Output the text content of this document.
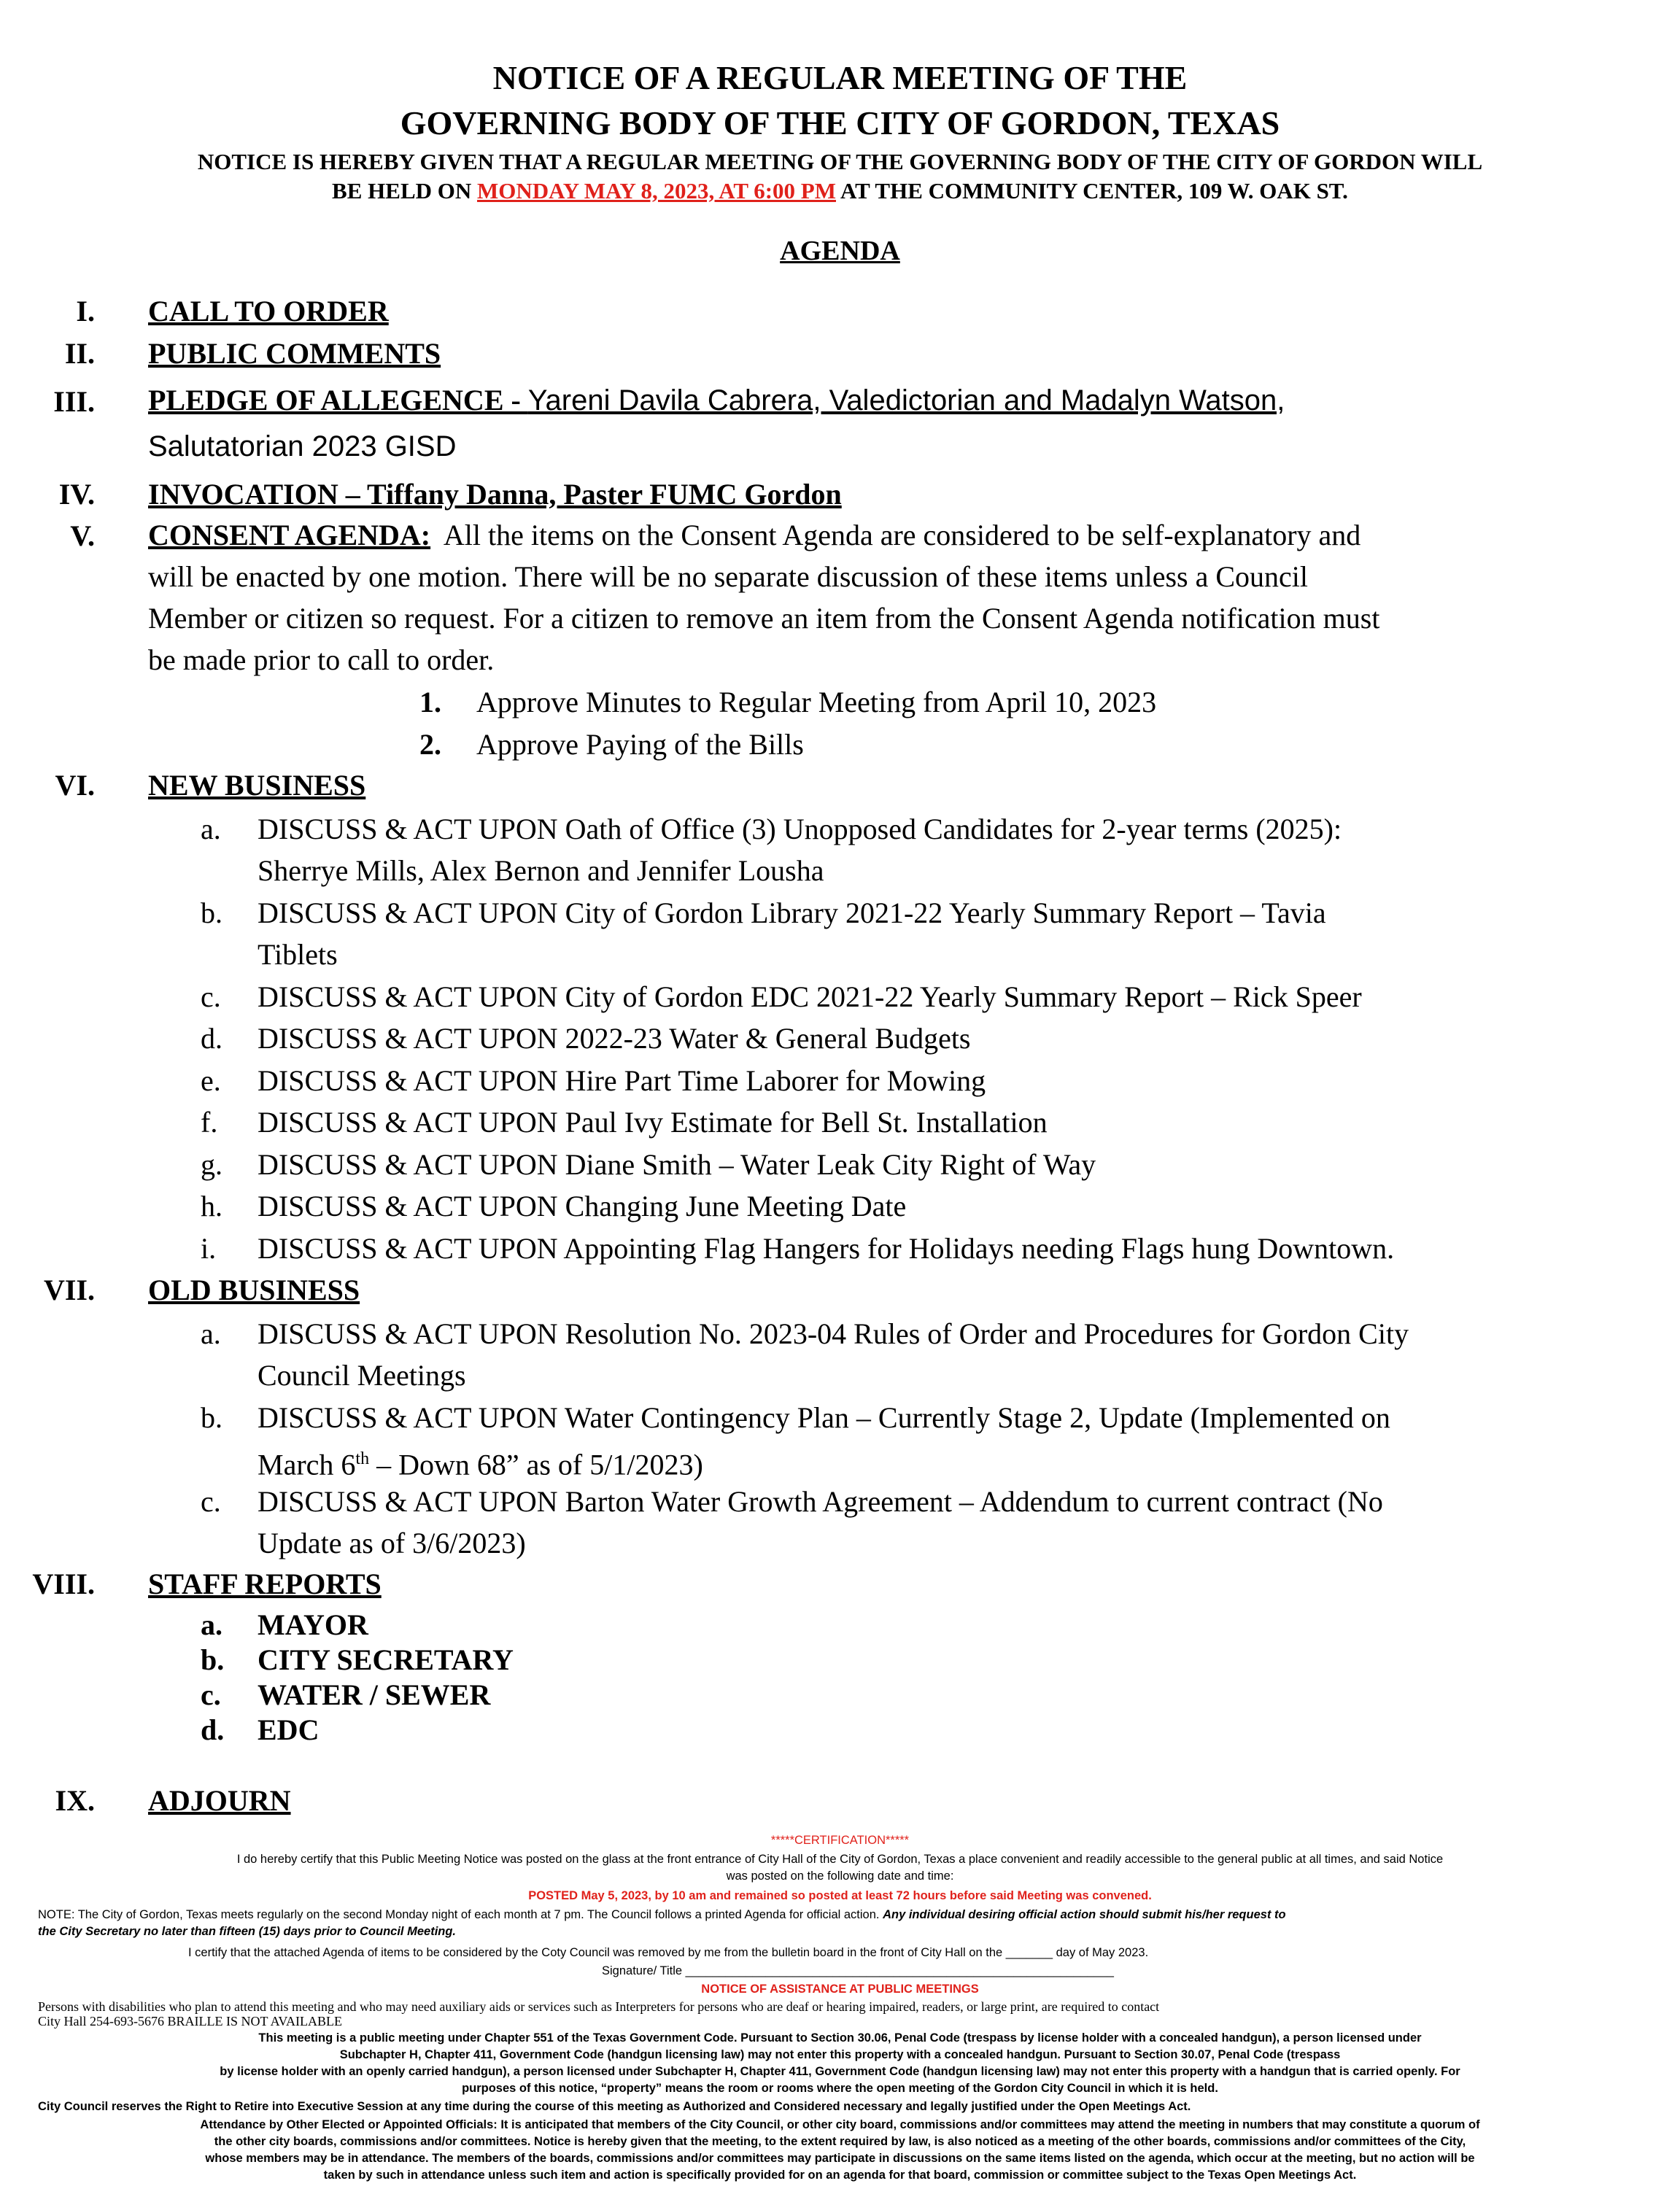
NOTICE OF A REGULAR MEETING OF THE
GOVERNING BODY OF THE CITY OF GORDON, TEXAS
NOTICE IS HEREBY GIVEN THAT A REGULAR MEETING OF THE GOVERNING BODY OF THE CITY OF GORDON WILL
BE HELD ON MONDAY MAY 8, 2023, AT 6:00 PM AT THE COMMUNITY CENTER, 109 W. OAK ST.
AGENDA
I. CALL TO ORDER
II. PUBLIC COMMENTS
III. PLEDGE OF ALLEGENCE - Yareni Davila Cabrera, Valedictorian and Madalyn Watson,
Salutatorian 2023 GISD
IV. INVOCATION – Tiffany Danna, Paster FUMC Gordon
V. CONSENT AGENDA:  All the items on the Consent Agenda are considered to be self-explanatory and
will be enacted by one motion. There will be no separate discussion of these items unless a Council
Member or citizen so request. For a citizen to remove an item from the Consent Agenda notification must
be made prior to call to order.
1. Approve Minutes to Regular Meeting from April 10, 2023
2. Approve Paying of the Bills
VI. NEW BUSINESS
a. DISCUSS & ACT UPON Oath of Office (3) Unopposed Candidates for 2-year terms (2025):
Sherrye Mills, Alex Bernon and Jennifer Lousha
b. DISCUSS & ACT UPON City of Gordon Library 2021-22 Yearly Summary Report – Tavia
Tiblets
c. DISCUSS & ACT UPON City of Gordon EDC 2021-22 Yearly Summary Report – Rick Speer
d. DISCUSS & ACT UPON 2022-23 Water & General Budgets
e. DISCUSS & ACT UPON Hire Part Time Laborer for Mowing
f. DISCUSS & ACT UPON Paul Ivy Estimate for Bell St. Installation
g. DISCUSS & ACT UPON Diane Smith – Water Leak City Right of Way
h. DISCUSS & ACT UPON Changing June Meeting Date
i. DISCUSS & ACT UPON Appointing Flag Hangers for Holidays needing Flags hung Downtown.
VII. OLD BUSINESS
a. DISCUSS & ACT UPON Resolution No. 2023-04 Rules of Order and Procedures for Gordon City
Council Meetings
b. DISCUSS & ACT UPON Water Contingency Plan – Currently Stage 2, Update (Implemented on
March 6th – Down 68” as of 5/1/2023)
c. DISCUSS & ACT UPON Barton Water Growth Agreement – Addendum to current contract (No
Update as of 3/6/2023)
VIII. STAFF REPORTS
a. MAYOR
b. CITY SECRETARY
c. WATER / SEWER
d. EDC
IX. ADJOURN
*****CERTIFICATION*****
I do hereby certify that this Public Meeting Notice was posted on the glass at the front entrance of City Hall of the City of Gordon, Texas a place convenient and readily accessible to the general public at all times, and said Notice
was posted on the following date and time:
POSTED May 5, 2023, by 10 am and remained so posted at least 72 hours before said Meeting was convened.
NOTE: The City of Gordon, Texas meets regularly on the second Monday night of each month at 7 pm. The Council follows a printed Agenda for official action. Any individual desiring official action should submit his/her request to
the City Secretary no later than fifteen (15) days prior to Council Meeting.
I certify that the attached Agenda of items to be considered by the Coty Council was removed by me from the bulletin board in the front of City Hall on the _______ day of May 2023.
Signature/ Title ________________________________________________________________
NOTICE OF ASSISTANCE AT PUBLIC MEETINGS
Persons with disabilities who plan to attend this meeting and who may need auxiliary aids or services such as Interpreters for persons who are deaf or hearing impaired, readers, or large print, are required to contact
City Hall 254-693-5676 BRAILLE IS NOT AVAILABLE
This meeting is a public meeting under Chapter 551 of the Texas Government Code. Pursuant to Section 30.06, Penal Code (trespass by license holder with a concealed handgun), a person licensed under
Subchapter H, Chapter 411, Government Code (handgun licensing law) may not enter this property with a concealed handgun. Pursuant to Section 30.07, Penal Code (trespass
by license holder with an openly carried handgun), a person licensed under Subchapter H, Chapter 411, Government Code (handgun licensing law) may not enter this property with a handgun that is carried openly. For
purposes of this notice, “property” means the room or rooms where the open meeting of the Gordon City Council in which it is held.
City Council reserves the Right to Retire into Executive Session at any time during the course of this meeting as Authorized and Considered necessary and legally justified under the Open Meetings Act.
Attendance by Other Elected or Appointed Officials: It is anticipated that members of the City Council, or other city board, commissions and/or committees may attend the meeting in numbers that may constitute a quorum of
the other city boards, commissions and/or committees. Notice is hereby given that the meeting, to the extent required by law, is also noticed as a meeting of the other boards, commissions and/or committees of the City,
whose members may be in attendance. The members of the boards, commissions and/or committees may participate in discussions on the same items listed on the agenda, which occur at the meeting, but no action will be
taken by such in attendance unless such item and action is specifically provided for on an agenda for that board, commission or committee subject to the Texas Open Meetings Act.
